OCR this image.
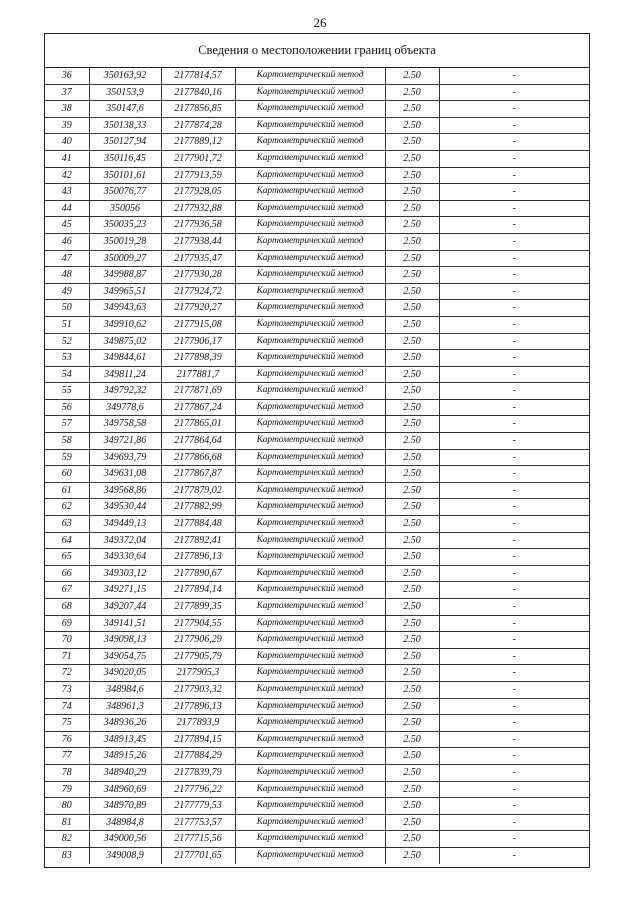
26
Сведения о местоположении границ объекта
36	350163,92	2177814,57	Картометрический метод	2.50	-
37	350153,9	2177840,16	Картометрический метод	2.50	-
38	350147,6	2177856,85	Картометрический метод	2.50	-
39	350138,33	2177874,28	Картометрический метод	2.50	-
40	350127,94	2177889,12	Картометрический метод	2.50	-
41	350116,45	2177901,72	Картометрический метод	2.50	-
42	350101,61	2177913,59	Картометрический метод	2.50	-
43	350076,77	2177928,05	Картометрический метод	2.50	-
44	350056	2177932,88	Картометрический метод	2.50	-
45	350035,23	2177936,58	Картометрический метод	2.50	-
46	350019,28	2177938,44	Картометрический метод	2.50	-
47	350009,27	2177935,47	Картометрический метод	2.50	-
48	349988,87	2177930,28	Картометрический метод	2.50	-
49	349965,51	2177924,72	Картометрический метод	2.50	-
50	349943,63	2177920,27	Картометрический метод	2.50	-
51	349910,62	2177915,08	Картометрический метод	2.50	-
52	349875,02	2177906,17	Картометрический метод	2.50	-
53	349844,61	2177898,39	Картометрический метод	2.50	-
54	349811,24	2177881,7	Картометрический метод	2.50	-
55	349792,32	2177871,69	Картометрический метод	2.50	-
56	349778,6	2177867,24	Картометрический метод	2.50	-
57	349758,58	2177865,01	Картометрический метод	2.50	-
58	349721,86	2177864,64	Картометрический метод	2.50	-
59	349693,79	2177866,68	Картометрический метод	2.50	-
60	349631,08	2177867,87	Картометрический метод	2.50	-
61	349568,86	2177879,02	Картометрический метод	2.50	-
62	349530,44	2177882,99	Картометрический метод	2.50	-
63	349449,13	2177884,48	Картометрический метод	2.50	-
64	349372,04	2177892,41	Картометрический метод	2.50	-
65	349330,64	2177896,13	Картометрический метод	2.50	-
66	349303,12	2177890,67	Картометрический метод	2.50	-
67	349271,15	2177894,14	Картометрический метод	2.50	-
68	349207,44	2177899,35	Картометрический метод	2.50	-
69	349141,51	2177904,55	Картометрический метод	2.50	-
70	349098,13	2177906,29	Картометрический метод	2.50	-
71	349054,75	2177905,79	Картометрический метод	2.50	-
72	349020,05	2177905,3	Картометрический метод	2.50	-
73	348984,6	2177903,32	Картометрический метод	2.50	-
74	348961,3	2177896,13	Картометрический метод	2.50	-
75	348936,26	2177893,9	Картометрический метод	2.50	-
76	348913,45	2177894,15	Картометрический метод	2.50	-
77	348915,26	2177884,29	Картометрический метод	2.50	-
78	348940,29	2177839,79	Картометрический метод	2.50	-
79	348960,69	2177796,22	Картометрический метод	2.50	-
80	348970,89	2177779,53	Картометрический метод	2.50	-
81	348984,8	2177753,57	Картометрический метод	2.50	-
82	349000,56	2177715,56	Картометрический метод	2.50	-
83	349008,9	2177701,65	Картометрический метод	2.50	-
